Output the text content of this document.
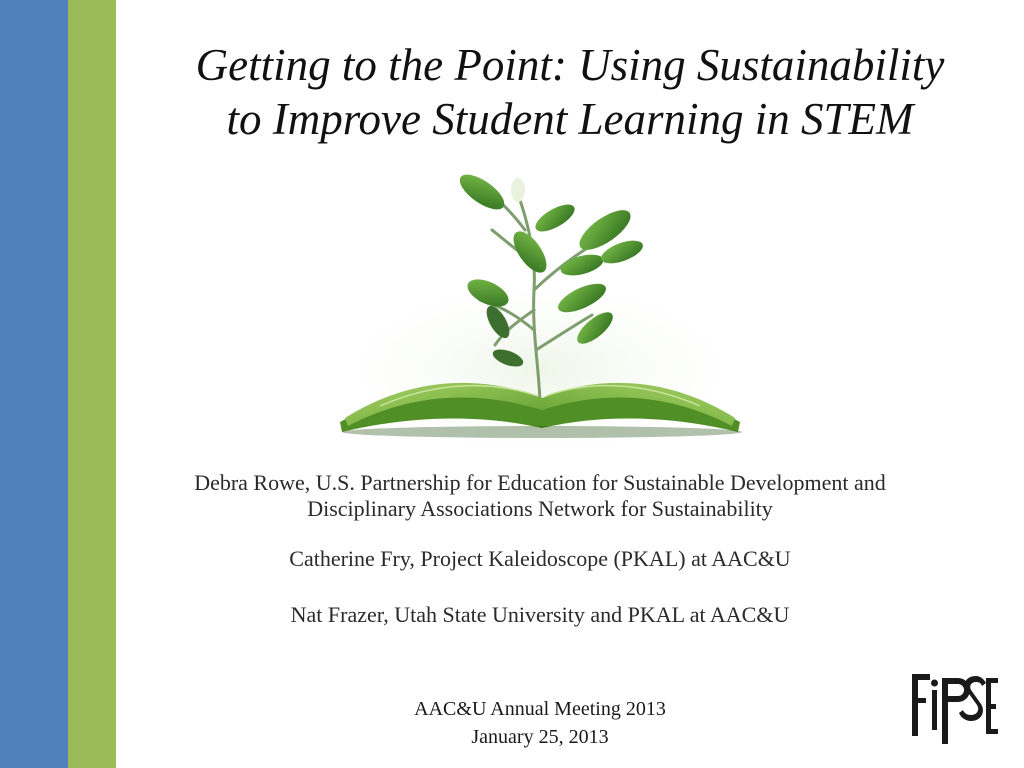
Getting to the Point: Using Sustainability
to Improve Student Learning in STEM

Debra Rowe, U.S. Partnership for Education for Sustainable Development and Disciplinary Associations Network for Sustainability

Catherine Fry, Project Kaleidoscope (PKAL) at AAC&U

Nat Frazer, Utah State University and PKAL at AAC&U

AAC&U Annual Meeting 2013

January 25, 2013
